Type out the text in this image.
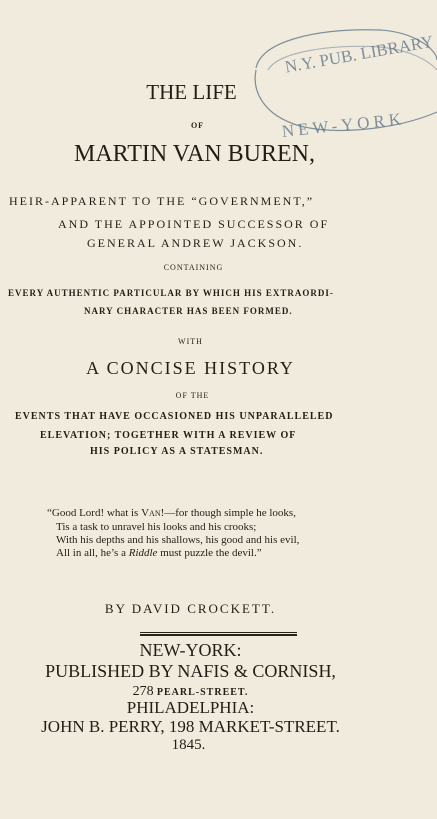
N.Y. PUB. LIBRARY
NEW-YORK
THE LIFE
OF
MARTIN VAN BUREN,
HEIR-APPARENT TO THE “GOVERNMENT,”
AND THE APPOINTED SUCCESSOR OF
GENERAL ANDREW JACKSON.
CONTAINING
EVERY AUTHENTIC PARTICULAR BY WHICH HIS EXTRAORDI-
NARY CHARACTER HAS BEEN FORMED.
WITH
A CONCISE HISTORY
OF THE
EVENTS THAT HAVE OCCASIONED HIS UNPARALLELED
ELEVATION; TOGETHER WITH A REVIEW OF
HIS POLICY AS A STATESMAN.
“Good Lord! what is Van!—for though simple he looks,
Tis a task to unravel his looks and his crooks;
With his depths and his shallows, his good and his evil,
All in all, he’s a Riddle must puzzle the devil.”
BY DAVID CROCKETT.
NEW-YORK:
PUBLISHED BY NAFIS & CORNISH,
278 PEARL-STREET.
PHILADELPHIA:
JOHN B. PERRY, 198 MARKET-STREET.
1845.
